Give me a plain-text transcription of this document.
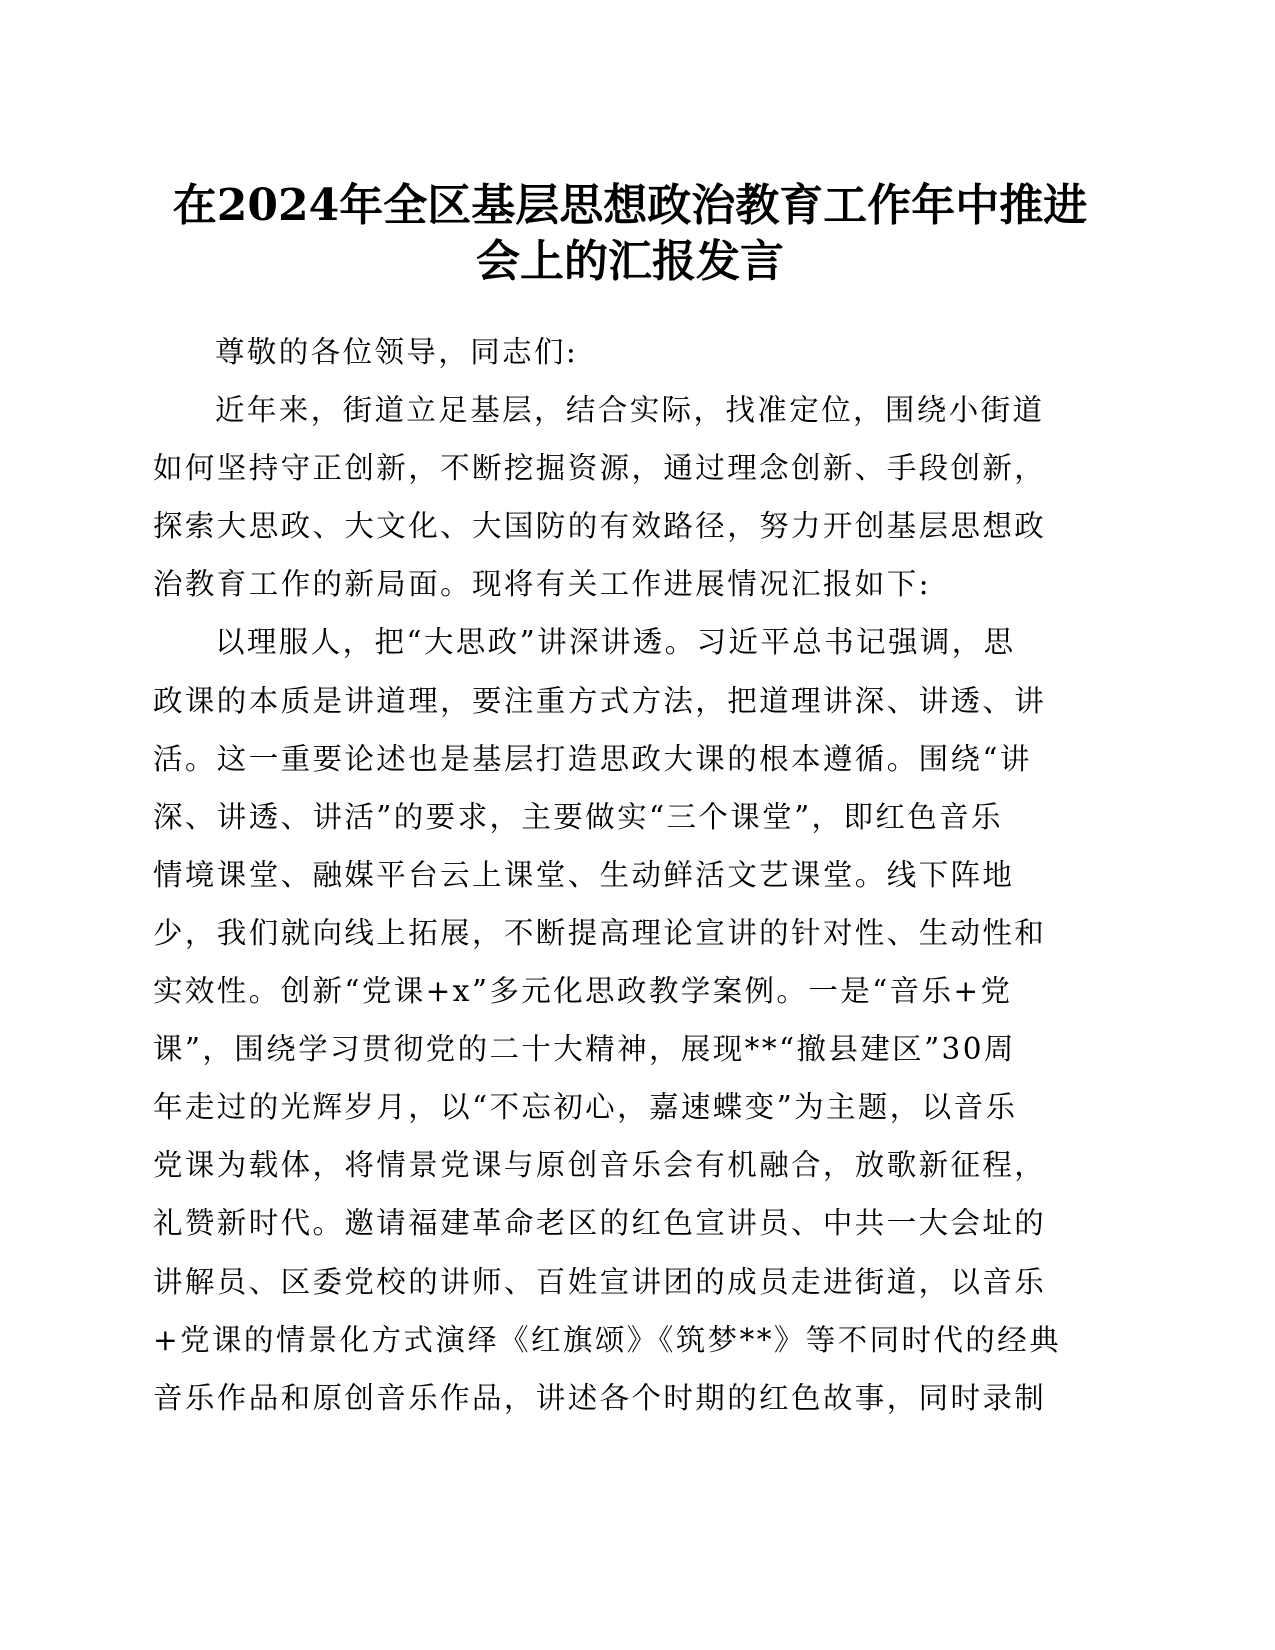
在2024年全区基层思想政治教育工作年中推进
会上的汇报发言
尊敬的各位领导，同志们:
近年来，街道立足基层，结合实际，找准定位，围绕小街道
如何坚持守正创新，不断挖掘资源，通过理念创新、手段创新，
探索大思政、大文化、大国防的有效路径，努力开创基层思想政
治教育工作的新局面。现将有关工作进展情况汇报如下:
以理服人，把“大思政”讲深讲透。习近平总书记强调，思
政课的本质是讲道理，要注重方式方法，把道理讲深、讲透、讲
活。这一重要论述也是基层打造思政大课的根本遵循。围绕“讲
深、讲透、讲活”的要求，主要做实“三个课堂”，即红色音乐
情境课堂、融媒平台云上课堂、生动鲜活文艺课堂。线下阵地
少，我们就向线上拓展，不断提高理论宣讲的针对性、生动性和
实效性。创新“党课+x”多元化思政教学案例。一是“音乐+党
课”，围绕学习贯彻党的二十大精神，展现**“撤县建区”30周
年走过的光辉岁月，以“不忘初心，嘉速蝶变”为主题，以音乐
党课为载体，将情景党课与原创音乐会有机融合，放歌新征程，
礼赞新时代。邀请福建革命老区的红色宣讲员、中共一大会址的
讲解员、区委党校的讲师、百姓宣讲团的成员走进街道，以音乐
+党课的情景化方式演绎《红旗颂》《筑梦**》等不同时代的经典
音乐作品和原创音乐作品，讲述各个时期的红色故事，同时录制
